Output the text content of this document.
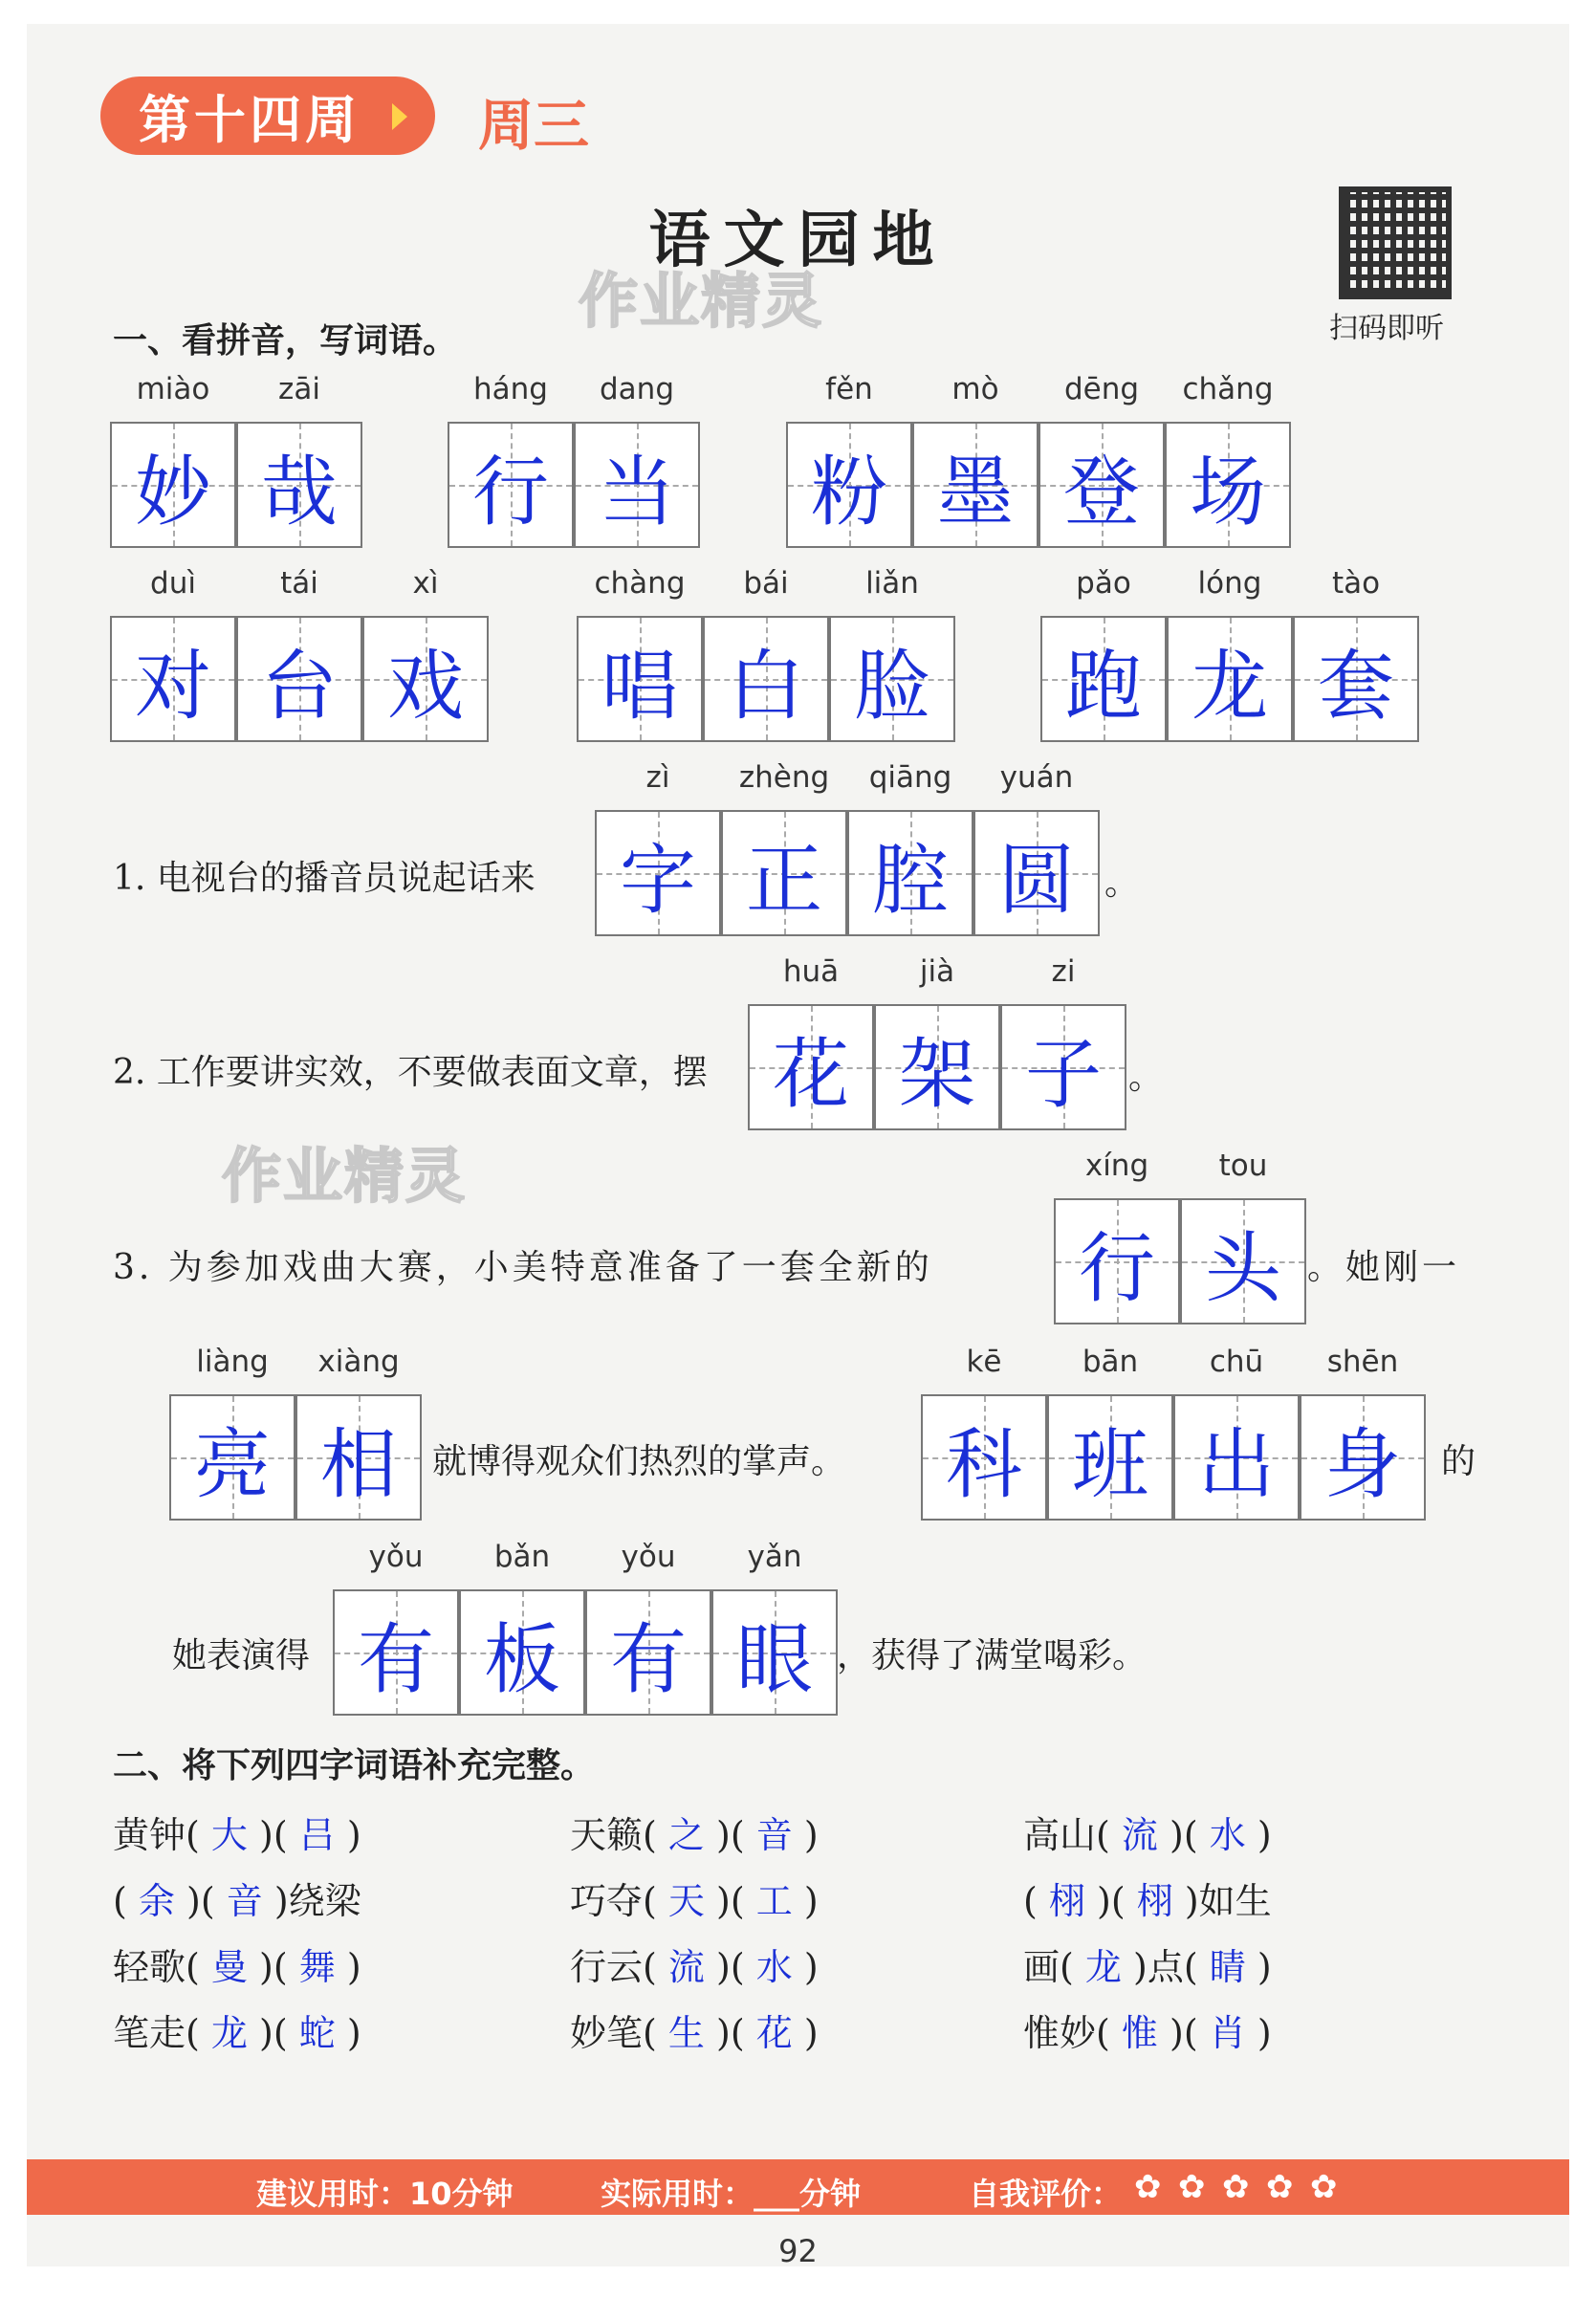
第十四周 周三
语文园地
扫码即听
作业精灵
作业精灵
一、看拼音，写词语。
miào
妙
zāi
哉
háng
行
dang
当
fěn
粉
mò
墨
dēng
登
chǎng
场
duì
对
tái
台
xì
戏
chàng
唱
bái
白
liǎn
脸
pǎo
跑
lóng
龙
tào
套
zì
字
zhèng
正
qiāng
腔
yuán
圆
huā
花
jià
架
zi
子
xíng
行
tou
头
liàng
亮
xiàng
相
kē
科
bān
班
chū
出
shēn
身
yǒu
有
bǎn
板
yǒu
有
yǎn
眼
1. 电视台的播音员说起话来	。
2. 工作要讲实效，不要做表面文章，摆	。
3. 为参加戏曲大赛，小美特意准备了一套全新的	。她刚一
就博得观众们热烈的掌声。	的
她表演得	，获得了满堂喝彩。
二、将下列四字词语补充完整。
黄钟( 大 )( 吕 )	天籁( 之 )( 音 )	高山( 流 )( 水 )
( 余 )( 音 )绕梁	巧夺( 天 )( 工 )	( 栩 )( 栩 )如生
轻歌( 曼 )( 舞 )	行云( 流 )( 水 )	画( 龙 )点( 睛 )
笔走( 龙 )( 蛇 )	妙笔( 生 )( 花 )	惟妙( 惟 )( 肖 )
建议用时：10分钟	实际用时：___分钟	自我评价： ✿ ✿ ✿ ✿ ✿
92
